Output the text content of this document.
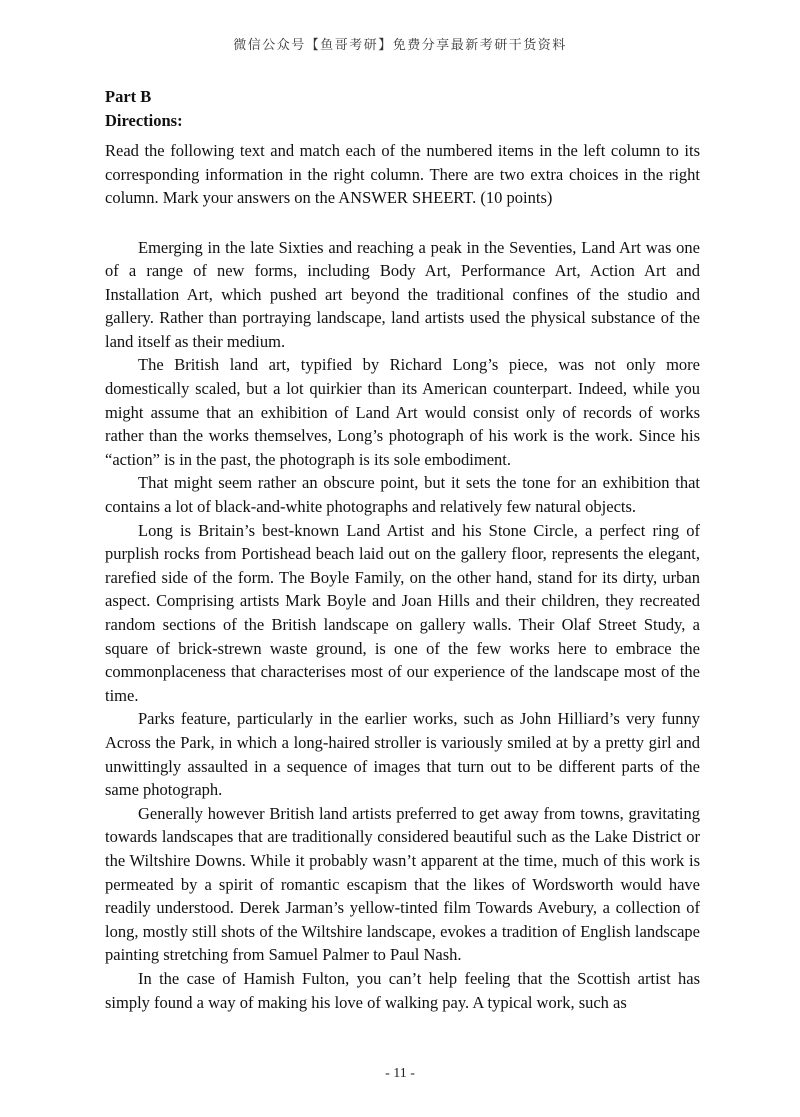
微信公众号【鱼哥考研】免费分享最新考研干货资料

Part B

Directions:

Read the following text and match each of the numbered items in the left column to its corresponding information in the right column. There are two extra choices in the right column. Mark your answers on the ANSWER SHEERT. (10 points)

Emerging in the late Sixties and reaching a peak in the Seventies, Land Art was one of a range of new forms, including Body Art, Performance Art, Action Art and Installation Art, which pushed art beyond the traditional confines of the studio and gallery. Rather than portraying landscape, land artists used the physical substance of the land itself as their medium.

The British land art, typified by Richard Long’s piece, was not only more domestically scaled, but a lot quirkier than its American counterpart. Indeed, while you might assume that an exhibition of Land Art would consist only of records of works rather than the works themselves, Long’s photograph of his work is the work. Since his “action” is in the past, the photograph is its sole embodiment.

That might seem rather an obscure point, but it sets the tone for an exhibition that contains a lot of black-and-white photographs and relatively few natural objects.

Long is Britain’s best-known Land Artist and his Stone Circle, a perfect ring of purplish rocks from Portishead beach laid out on the gallery floor, represents the elegant, rarefied side of the form. The Boyle Family, on the other hand, stand for its dirty, urban aspect. Comprising artists Mark Boyle and Joan Hills and their children, they recreated random sections of the British landscape on gallery walls. Their Olaf Street Study, a square of brick-strewn waste ground, is one of the few works here to embrace the commonplaceness that characterises most of our experience of the landscape most of the time.

Parks feature, particularly in the earlier works, such as John Hilliard’s very funny Across the Park, in which a long-haired stroller is variously smiled at by a pretty girl and unwittingly assaulted in a sequence of images that turn out to be different parts of the same photograph.

Generally however British land artists preferred to get away from towns, gravitating towards landscapes that are traditionally considered beautiful such as the Lake District or the Wiltshire Downs. While it probably wasn’t apparent at the time, much of this work is permeated by a spirit of romantic escapism that the likes of Wordsworth would have readily understood. Derek Jarman’s yellow-tinted film Towards Avebury, a collection of long, mostly still shots of the Wiltshire landscape, evokes a tradition of English landscape painting stretching from Samuel Palmer to Paul Nash.

In the case of Hamish Fulton, you can’t help feeling that the Scottish artist has simply found a way of making his love of walking pay. A typical work, such as

- 11 -
